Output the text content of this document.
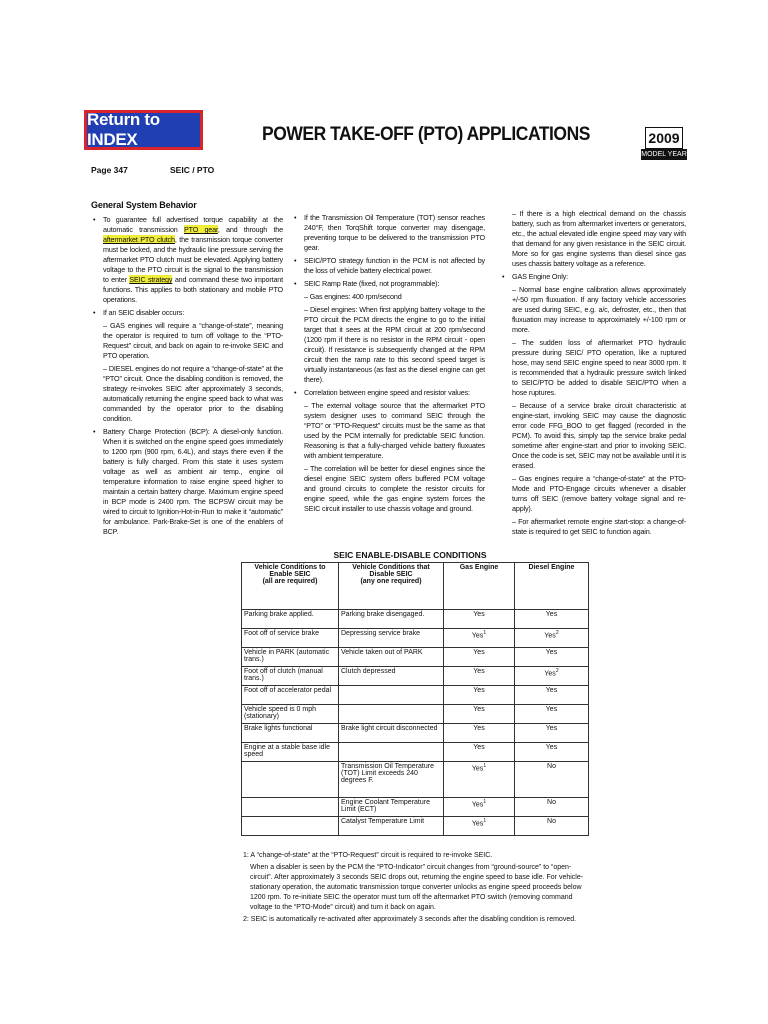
Return to INDEX	POWER TAKE-OFF (PTO) APPLICATIONS	2009
MODEL YEAR
Page 347	SEIC / PTO

General System Behavior

• To guarantee full advertised torque capability at the automatic transmission PTO gear, and through the aftermarket PTO clutch, the transmission torque converter must be locked, and the hydraulic line pressure serving the aftermarket PTO clutch must be elevated. Applying battery voltage to the PTO circuit is the signal to the transmission to enter SEIC strategy and command these two important functions. This applies to both stationary and mobile PTO operations.

• If an SEIC disabler occurs:

– GAS engines will require a “change-of-state”, meaning the operator is required to turn off voltage to the “PTO-Request” circuit, and back on again to re-invoke SEIC and PTO operation.

– DIESEL engines do not require a “change-of-state” at the “PTO” circuit. Once the disabling condition is removed, the strategy re-invokes SEIC after approximately 3 seconds, automatically returning the engine speed back to what was commanded by the operator prior to the disabling condition.

• Battery Charge Protection (BCP): A diesel-only function. When it is switched on the engine speed goes immediately to 1200 rpm (900 rpm, 6.4L), and stays there even if the battery is fully charged. From this state it uses system voltage as well as ambient air temp., engine oil temperature information to raise engine speed higher to maintain a certain battery charge. Maximum engine speed in BCP mode is 2400 rpm. The BCPSW circuit may be wired to circuit to Ignition-Hot-in-Run to make it “automatic” for ambulance. Park-Brake-Set is one of the enablers of BCP.

• If the Transmission Oil Temperature (TOT) sensor reaches 240°F, then TorqShift torque converter may disengage, preventing torque to be delivered to the transmission PTO gear.

• SEIC/PTO strategy function in the PCM is not affected by the loss of vehicle battery electrical power.

• SEIC Ramp Rate (fixed, not programmable):

– Gas engines: 400 rpm/second

– Diesel engines: When first applying battery voltage to the PTO circuit the PCM directs the engine to go to the initial target that it sees at the RPM circuit at 200 rpm/second (1200 rpm if there is no resistor in the RPM circuit - open circuit). If resistance is subsequently changed at the RPM circuit then the ramp rate to this second speed target is virtually instantaneous (as fast as the diesel engine can get there).

• Correlation between engine speed and resistor values:

– The external voltage source that the aftermarket PTO system designer uses to command SEIC through the “PTO” or “PTO-Request” circuits must be the same as that used by the PCM internally for predictable SEIC function. Reasoning is that a fully-charged vehicle battery fluxuates with ambient temperature.

– The correlation will be better for diesel engines since the diesel engine SEIC system offers buffered PCM voltage and ground circuits to complete the resistor circuits for engine speed, while the gas engine system forces the SEIC circuit installer to use chassis voltage and ground.

– If there is a high electrical demand on the chassis battery, such as from aftermarket inverters or generators, etc., the actual elevated idle engine speed may vary with that demand for any given resistance in the SEIC circuit. More so for gas engine systems than diesel since gas uses chassis battery voltage as a reference.

• GAS Engine Only:

– Normal base engine calibration allows approximately +/-50 rpm fluxuation. If any factory vehicle accessories are used during SEIC, e.g. a/c, defroster, etc., then that fluxuation may increase to approximately +/-100 rpm or more.

– The sudden loss of aftermarket PTO hydraulic pressure during SEIC/ PTO operation, like a ruptured hose, may send SEIC engine speed to near 3000 rpm. It is recommended that a hydraulic pressure switch linked to SEIC/PTO be added to disable SEIC/PTO when a hose ruptures.

– Because of a service brake circuit characteristic at engine-start, invoking SEIC may cause the diagnostic error code FFG_BOO to get flagged (recorded in the PCM). To avoid this, simply tap the service brake pedal sometime after engine-start and prior to invoking SEIC. Once the code is set, SEIC may not be available until it is erased.

– Gas engines require a “change-of-state” at the PTO-Mode and PTO-Engage circuits whenever a disabler turns off SEIC (remove battery voltage signal and re-apply).

– For aftermarket remote engine start-stop: a change-of-state is required to get SEIC to function again.

SEIC ENABLE-DISABLE CONDITIONS
Vehicle Conditions to Enable SEIC
(all are required)	Vehicle Conditions that Disable SEIC
(any one required)	Gas Engine	Diesel Engine
Parking brake applied.	Parking brake disengaged.	Yes	Yes
Foot off of service brake	Depressing service brake	Yes$^1$	Yes$^2$
Vehicle in PARK (automatic trans.)	Vehicle taken out of PARK	Yes	Yes
Foot off of clutch (manual trans.)	Clutch depressed	Yes	Yes$^2$
Foot off of accelerator pedal		Yes	Yes
Vehicle speed is 0 mph (stationary)		Yes	Yes
Brake lights functional	Brake light circuit disconnected	Yes	Yes
Engine at a stable base idle speed		Yes	Yes
	Transmission Oil Temperature (TOT) Limit exceeds 240 degrees F.	Yes$^1$	No
	Engine Coolant Temperature Limit (ECT)	Yes$^1$	No
	Catalyst Temperature Limit	Yes$^1$	No

1: A “change-of-state” at the “PTO-Request” circuit is required to re-invoke SEIC.

When a disabler is seen by the PCM the “PTO-Indicator” circuit changes from “ground-source” to “open-circuit”. After approximately 3 seconds SEIC drops out, returning the engine speed to base idle. For vehicle-stationary operation, the automatic transmission torque converter unlocks as engine speed proceeds below 1200 rpm. To re-initiate SEIC the operator must turn off the aftermarket PTO switch (removing command voltage to the “PTO-Mode” circuit) and turn it back on again.

2: SEIC is automatically re-activated after approximately 3 seconds after the disabling condition is removed.
